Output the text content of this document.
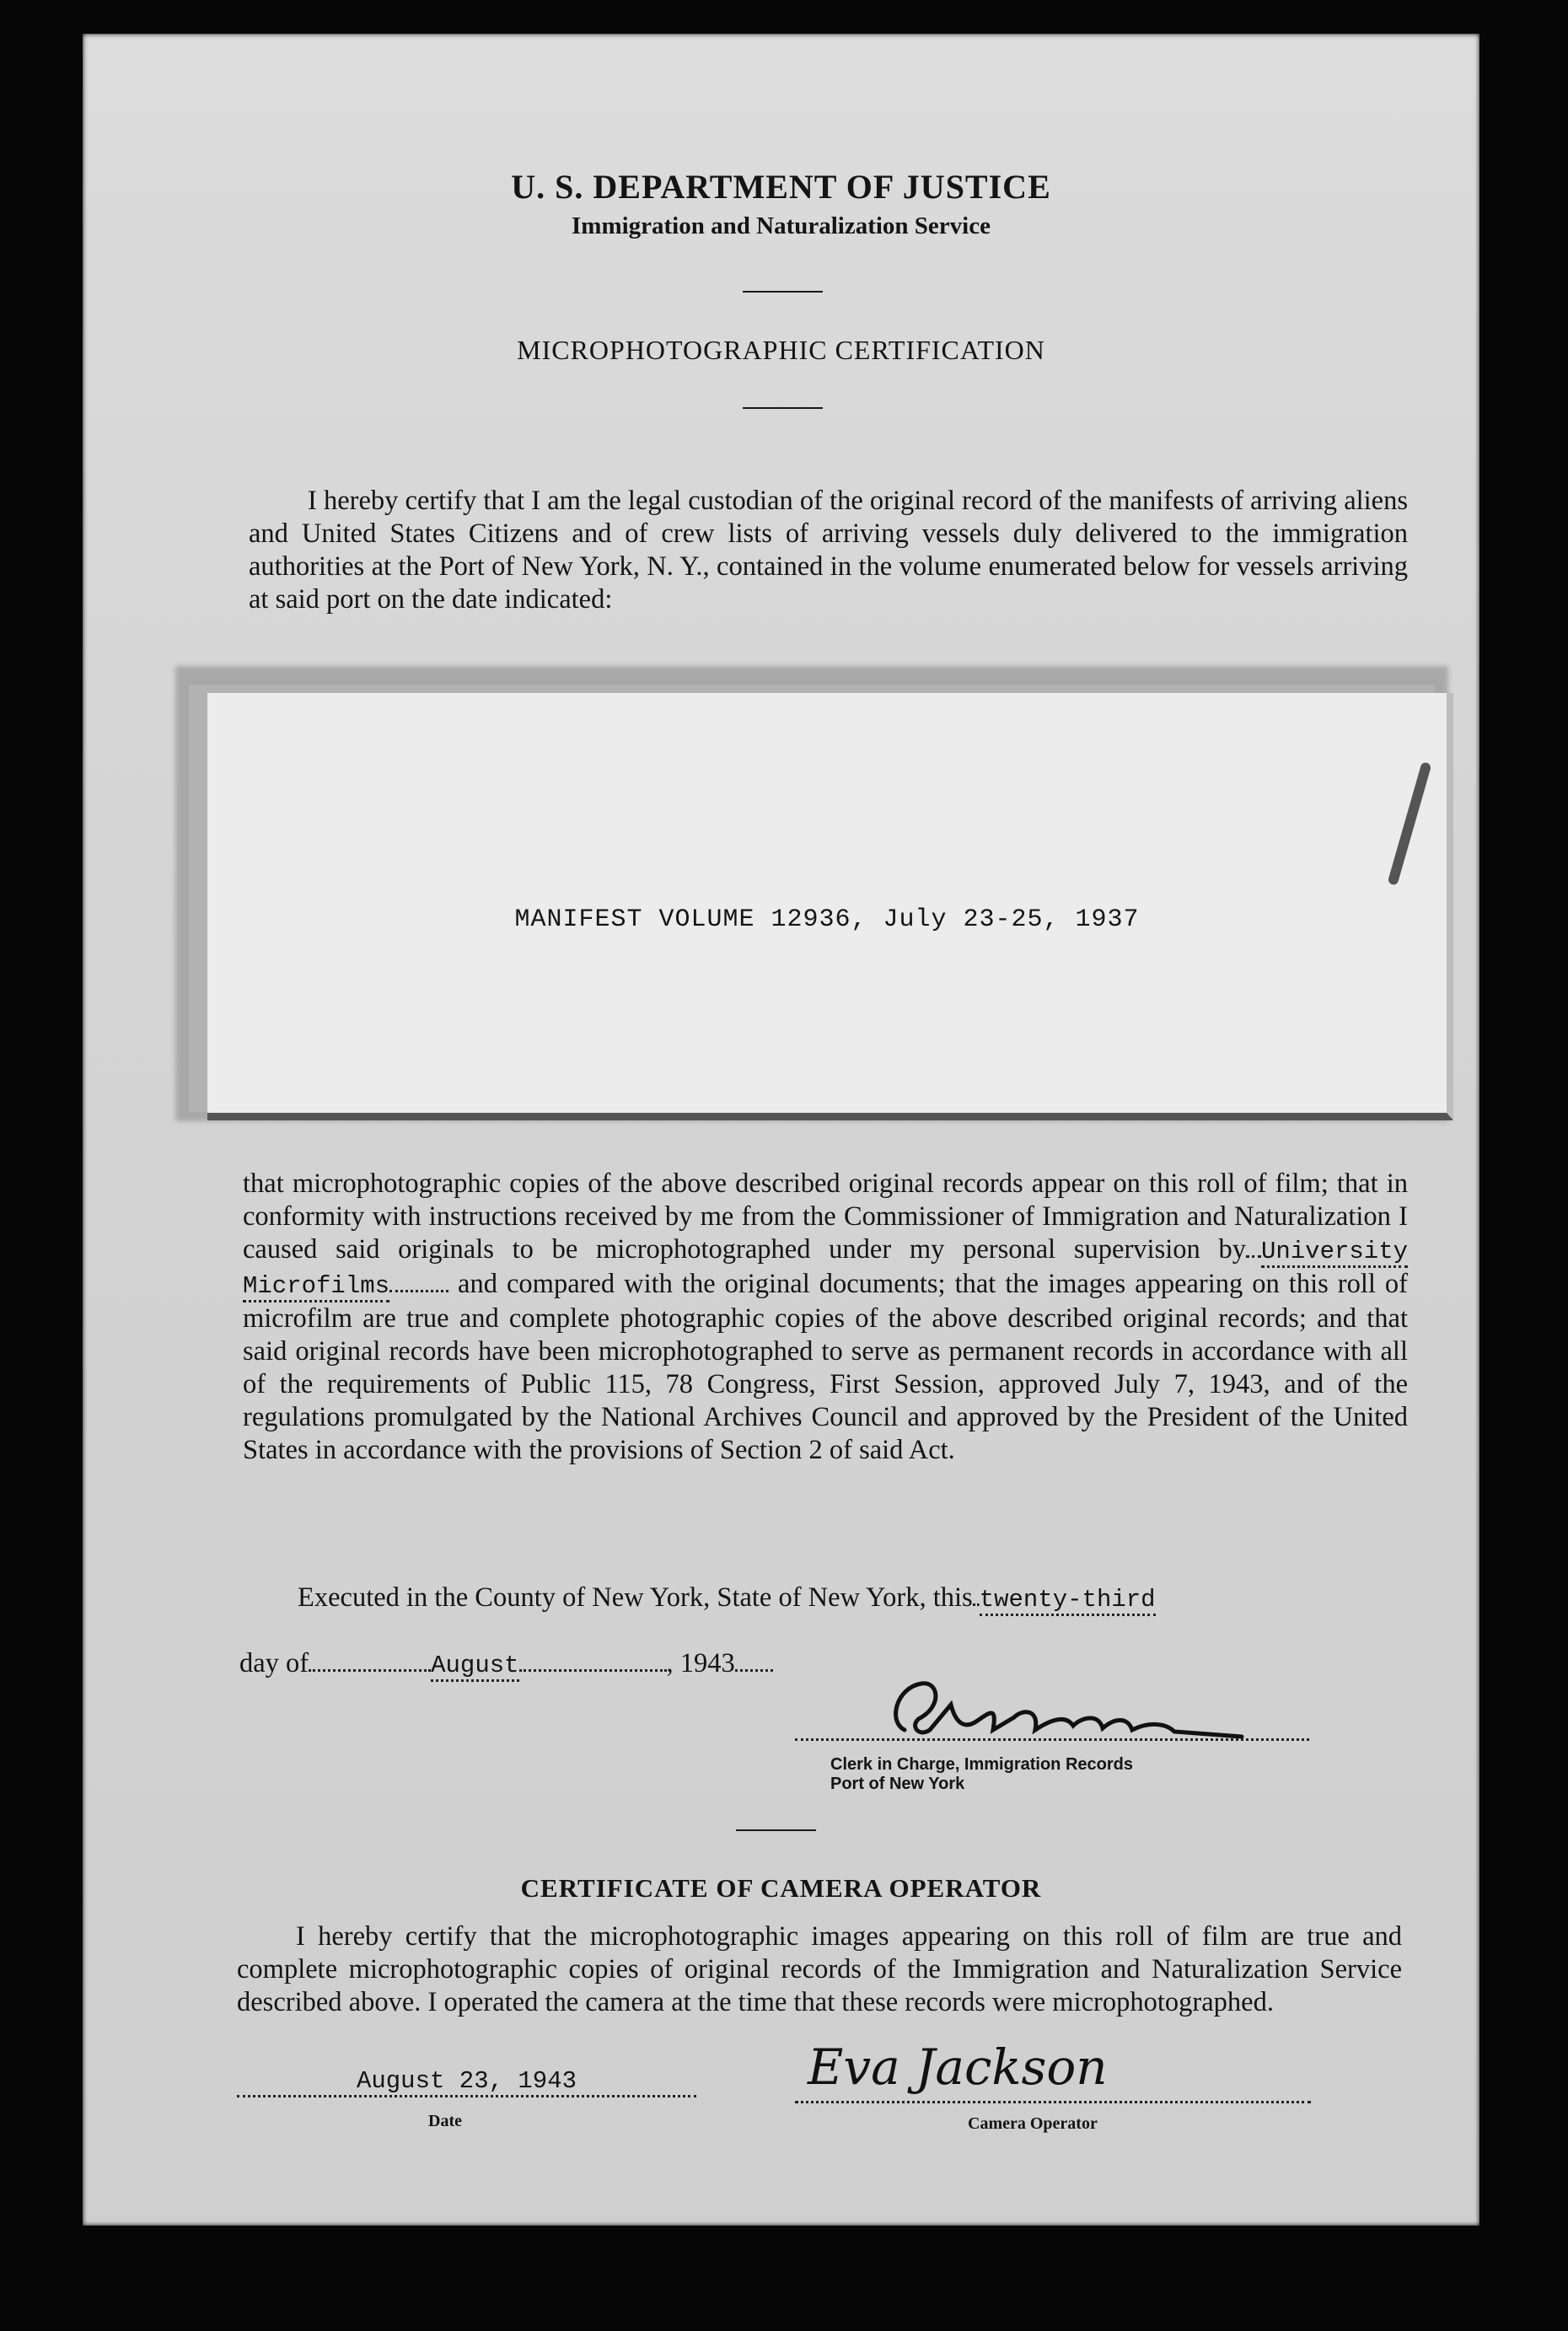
U. S. DEPARTMENT OF JUSTICE
Immigration and Naturalization Service
MICROPHOTOGRAPHIC CERTIFICATION

I hereby certify that I am the legal custodian of the original record of the manifests of arriving aliens and United States Citizens and of crew lists of arriving vessels duly delivered to the immigration authorities at the Port of New York, N. Y., contained in the volume enumerated below for vessels arriving at said port on the date indicated:

MANIFEST VOLUME 12936, July 23-25, 1937

that microphotographic copies of the above described original records appear on this roll of film; that in conformity with instructions received by me from the Commissioner of Immigration and Naturalization I caused said originals to be microphotographed under my personal supervision by University Microfilms and compared with the original documents; that the images appearing on this roll of microfilm are true and complete photographic copies of the above described original records; and that said original records have been microphotographed to serve as permanent records in accordance with all of the requirements of Public 115, 78 Congress, First Session, approved July 7, 1943, and of the regulations promulgated by the National Archives Council and approved by the President of the United States in accordance with the provisions of Section 2 of said Act.

Executed in the County of New York, State of New York, this twenty-third
day of	August	, 1943
Clerk in Charge, Immigration Records
Port of New York
CERTIFICATE OF CAMERA OPERATOR

I hereby certify that the microphotographic images appearing on this roll of film are true and complete microphotographic copies of original records of the Immigration and Naturalization Service described above. I operated the camera at the time that these records were microphotographed.

August 23, 1943
Date
Eva Jackson
Camera Operator
